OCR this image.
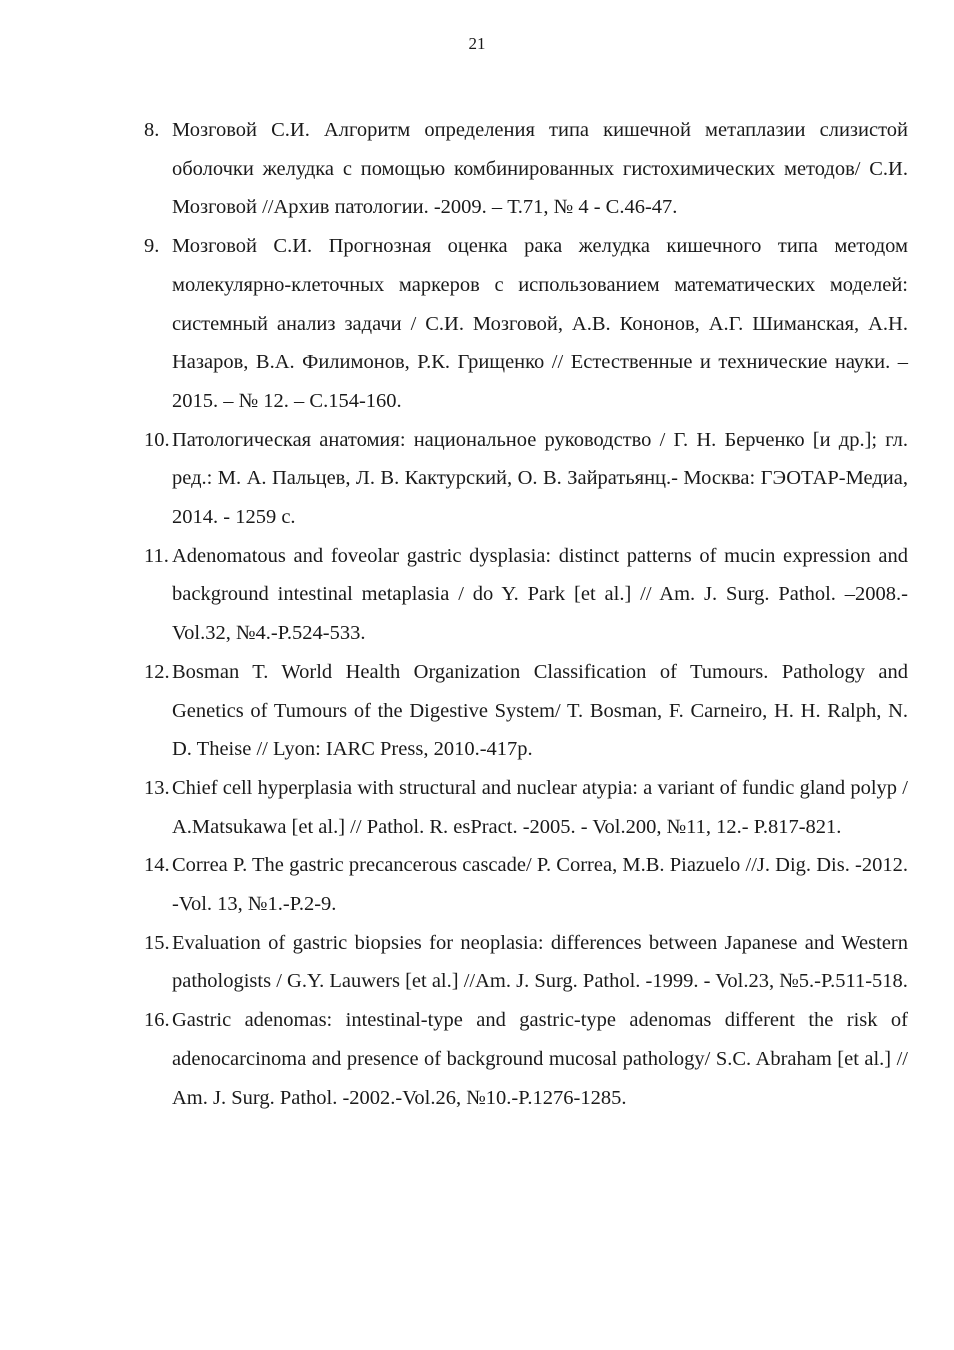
21
8. Мозговой С.И. Алгоритм определения типа кишечной метаплазии слизистой оболочки желудка с помощью комбинированных гистохимических методов/ С.И. Мозговой //Архив патологии. -2009. – Т.71, № 4 - С.46-47.
9. Мозговой С.И. Прогнозная оценка рака желудка кишечного типа методом молекулярно-клеточных маркеров с использованием математических моделей: системный анализ задачи / С.И. Мозговой, А.В. Кононов, А.Г. Шиманская, А.Н. Назаров, В.А. Филимонов, Р.К. Грищенко // Естественные и технические науки. – 2015. – № 12. – С.154-160.
10. Патологическая анатомия: национальное руководство / Г. Н. Берченко [и др.]; гл. ред.: М. А. Пальцев, Л. В. Кактурский, О. В. Зайратьянц.- Москва: ГЭОТАР-Медиа, 2014. - 1259 с.
11. Adenomatous and foveolar gastric dysplasia: distinct patterns of mucin expression and background intestinal metaplasia / do Y. Park [et al.] // Am. J. Surg. Pathol. –2008.-Vol.32, №4.-P.524-533.
12. Bosman T. World Health Organization Classification of Tumours. Pathology and Genetics of Tumours of the Digestive System/ T. Bosman, F. Carneiro, H. H. Ralph, N. D. Theise // Lyon: IARC Press, 2010.-417p.
13. Chief cell hyperplasia with structural and nuclear atypia: a variant of fundic gland polyp / A.Matsukawa [et al.] // Pathol. R. esPract. -2005. - Vol.200, №11, 12.- P.817-821.
14. Correa P. The gastric precancerous cascade/ P. Correa, M.B. Piazuelo //J. Dig. Dis. -2012. -Vol. 13, №1.-P.2-9.
15. Evaluation of gastric biopsies for neoplasia: differences between Japanese and Western pathologists / G.Y. Lauwers [et al.] //Am. J. Surg. Pathol. -1999. - Vol.23, №5.-P.511-518.
16. Gastric adenomas: intestinal-type and gastric-type adenomas different the risk of adenocarcinoma and presence of background mucosal pathology/ S.C. Abraham [et al.] // Am. J. Surg. Pathol. -2002.-Vol.26, №10.-P.1276-1285.
